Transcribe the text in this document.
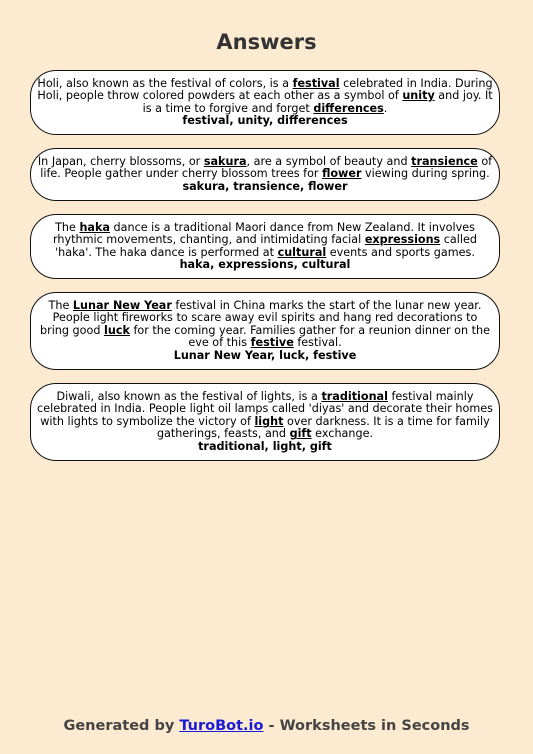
Answers
Holi, also known as the festival of colors, is a festival celebrated in India. During Holi, people throw colored powders at each other as a symbol of unity and joy. It is a time to forgive and forget differences.
festival, unity, differences
In Japan, cherry blossoms, or sakura, are a symbol of beauty and transience of life. People gather under cherry blossom trees for flower viewing during spring.
sakura, transience, flower
The haka dance is a traditional Maori dance from New Zealand. It involves rhythmic movements, chanting, and intimidating facial expressions called 'haka'. The haka dance is performed at cultural events and sports games.
haka, expressions, cultural
The Lunar New Year festival in China marks the start of the lunar new year. People light fireworks to scare away evil spirits and hang red decorations to bring good luck for the coming year. Families gather for a reunion dinner on the eve of this festive festival.
Lunar New Year, luck, festive
Diwali, also known as the festival of lights, is a traditional festival mainly celebrated in India. People light oil lamps called 'diyas' and decorate their homes with lights to symbolize the victory of light over darkness. It is a time for family gatherings, feasts, and gift exchange.
traditional, light, gift
Generated by TuroBot.io - Worksheets in Seconds
